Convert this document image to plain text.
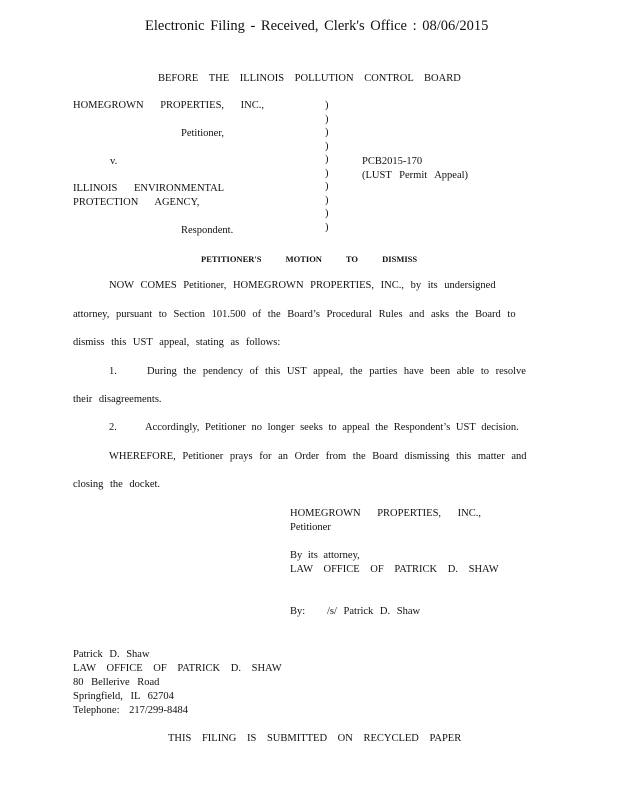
Electronic Filing - Received, Clerk's Office : 08/06/2015
BEFORE THE ILLINOIS POLLUTION CONTROL BOARD
HOMEGROWN PROPERTIES, INC.,
Petitioner,
v.
ILLINOIS ENVIRONMENTAL
PROTECTION AGENCY,
Respondent.
)
)
)
)
)
)
)
)
)
)
PCB2015-170
(LUST Permit Appeal)
PETITIONER'S MOTION TO DISMISS
NOW COMES Petitioner, HOMEGROWN PROPERTIES, INC., by its undersigned
attorney, pursuant to Section 101.500 of the Board’s Procedural Rules and asks the Board to
dismiss this UST appeal, stating as follows:
1.	During the pendency of this UST appeal, the parties have been able to resolve
their disagreements.
2.	Accordingly, Petitioner no longer seeks to appeal the Respondent’s UST decision.
WHEREFORE, Petitioner prays for an Order from the Board dismissing this matter and
closing the docket.
HOMEGROWN PROPERTIES, INC.,
Petitioner
By its attorney,
LAW OFFICE OF PATRICK D. SHAW
By: /s/ Patrick D. Shaw
Patrick D. Shaw
LAW OFFICE OF PATRICK D. SHAW
80 Bellerive Road
Springfield, IL 62704
Telephone: 217/299-8484
THIS FILING IS SUBMITTED ON RECYCLED PAPER
